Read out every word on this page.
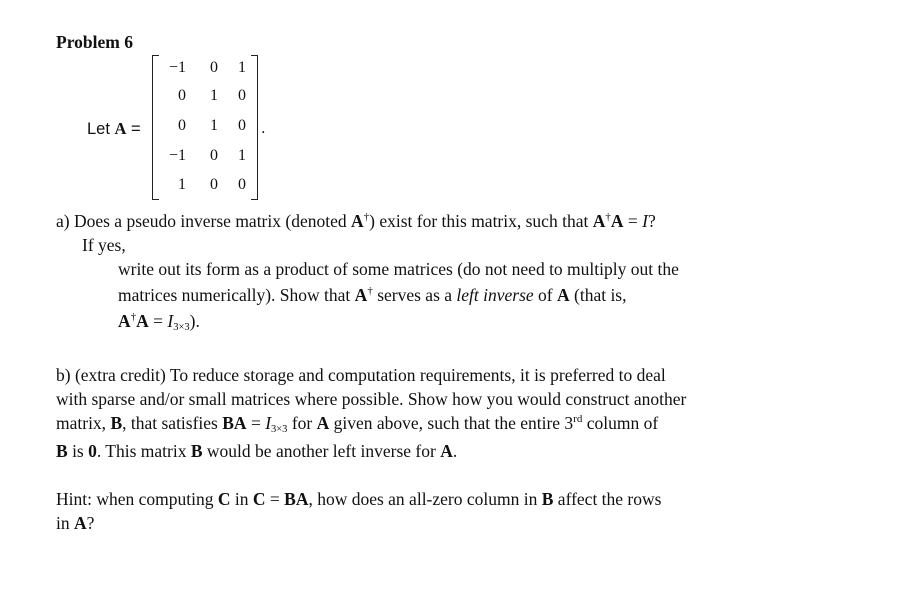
Problem 6
Let A =
−1	0	1
0	1	0
0	1	0
−1	0	1
1	0	0
.
a) Does a pseudo inverse matrix (denoted A†) exist for this matrix, such that A†A = I?
If yes,
write out its form as a product of some matrices (do not need to multiply out the
matrices numerically). Show that A† serves as a left inverse of A (that is,
$A^\dagger A = I_{3\times 3}$).
b) (extra credit) To reduce storage and computation requirements, it is preferred to deal
with sparse and/or small matrices where possible. Show how you would construct another
matrix, B, that satisfies BA = $I_{3\times 3}$ for A given above, such that the entire 3rd column of
B is 0. This matrix B would be another left inverse for A.
Hint: when computing C in C = BA, how does an all-zero column in B affect the rows
in A?
